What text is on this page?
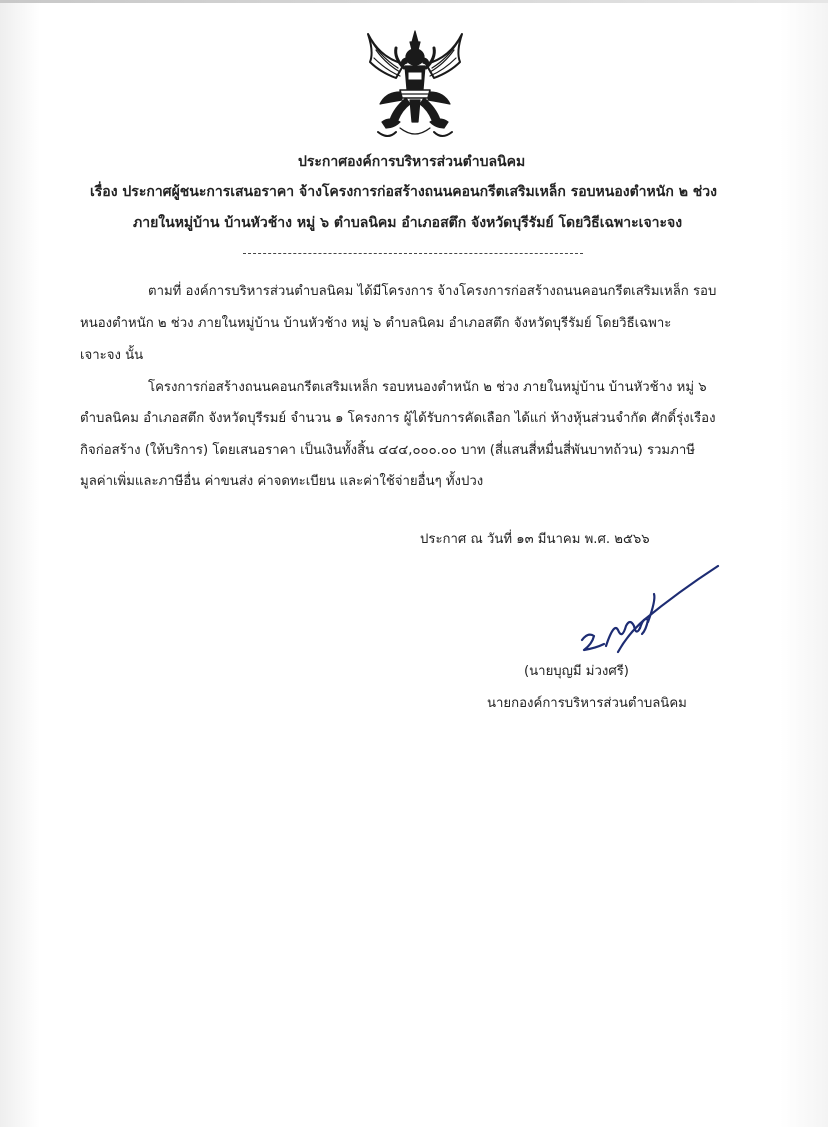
ประกาศองค์การบริหารส่วนตำบลนิคม
เรื่อง ประกาศผู้ชนะการเสนอราคา จ้างโครงการก่อสร้างถนนคอนกรีตเสริมเหล็ก รอบหนองตำหนัก ๒ ช่วง
ภายในหมู่บ้าน บ้านหัวช้าง หมู่ ๖ ตำบลนิคม อำเภอสตึก จังหวัดบุรีรัมย์ โดยวิธีเฉพาะเจาะจง
ตามที่ องค์การบริหารส่วนตำบลนิคม ได้มีโครงการ จ้างโครงการก่อสร้างถนนคอนกรีตเสริมเหล็ก รอบ
หนองตำหนัก ๒ ช่วง ภายในหมู่บ้าน บ้านหัวช้าง หมู่ ๖ ตำบลนิคม อำเภอสตึก จังหวัดบุรีรัมย์ โดยวิธีเฉพาะ
เจาะจง นั้น
โครงการก่อสร้างถนนคอนกรีตเสริมเหล็ก รอบหนองตำหนัก ๒ ช่วง ภายในหมู่บ้าน บ้านหัวช้าง หมู่ ๖
ตำบลนิคม อำเภอสตึก จังหวัดบุรีรมย์ จำนวน ๑ โครงการ ผู้ได้รับการคัดเลือก ได้แก่ ห้างหุ้นส่วนจำกัด ศักดิ์รุ่งเรือง
กิจก่อสร้าง (ให้บริการ) โดยเสนอราคา เป็นเงินทั้งสิ้น ๔๔๔,๐๐๐.๐๐ บาท (สี่แสนสี่หมื่นสี่พันบาทถ้วน) รวมภาษี
มูลค่าเพิ่มและภาษีอื่น ค่าขนส่ง ค่าจดทะเบียน และค่าใช้จ่ายอื่นๆ ทั้งปวง
ประกาศ ณ วันที่ ๑๓ มีนาคม พ.ศ. ๒๕๖๖
(นายบุญมี ม่วงศรี)
นายกองค์การบริหารส่วนตำบลนิคม
